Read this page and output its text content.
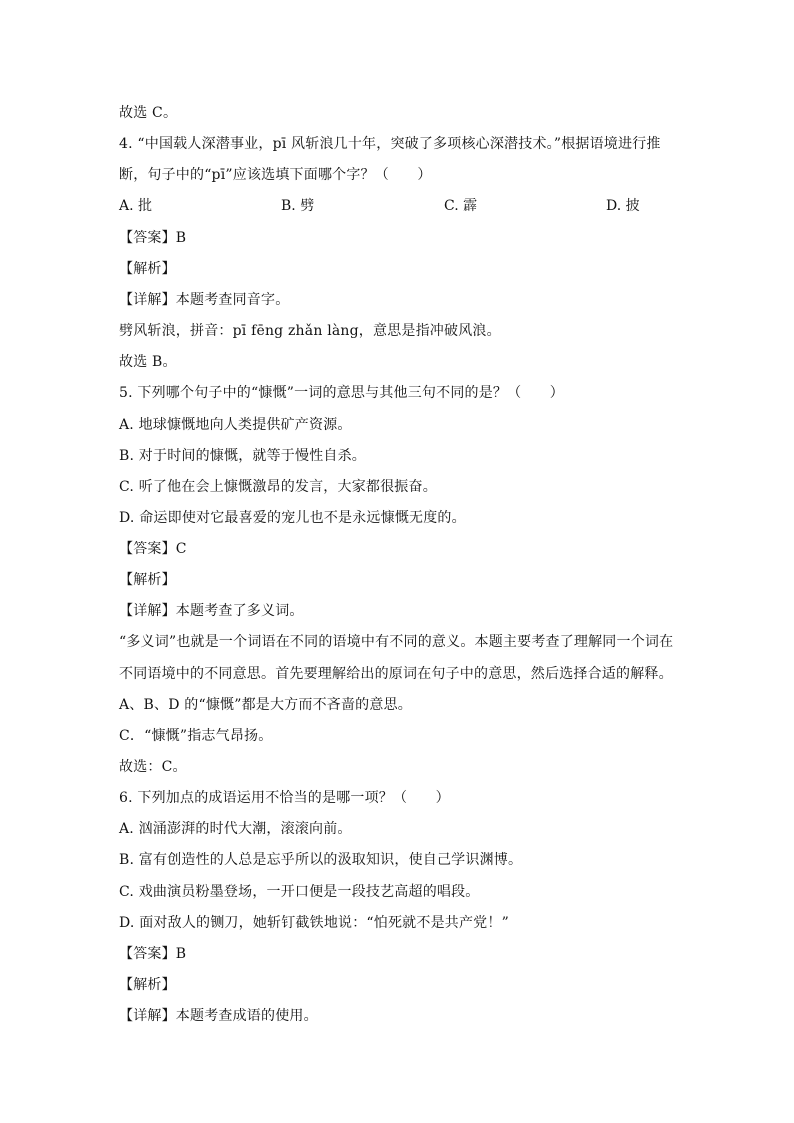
故选 C。
4. “中国载人深潜事业，pī 风斩浪几十年，突破了多项核心深潜技术。”根据语境进行推
断，句子中的“pī”应该选填下面哪个字？（　　）
A. 批	B. 劈	C. 霹	D. 披
【答案】B
【解析】
【详解】本题考查同音字。
劈风斩浪，拼音：pī fēng zhǎn làng，意思是指冲破风浪。
故选 B。
5. 下列哪个句子中的“慷慨”一词的意思与其他三句不同的是？（　　）
A. 地球慷慨地向人类提供矿产资源。
B. 对于时间的慷慨，就等于慢性自杀。
C. 听了他在会上慷慨激昂的发言，大家都很振奋。
D. 命运即使对它最喜爱的宠儿也不是永远慷慨无度的。
【答案】C
【解析】
【详解】本题考查了多义词。
“多义词”也就是一个词语在不同的语境中有不同的意义。本题主要考查了理解同一个词在
不同语境中的不同意思。首先要理解给出的原词在句子中的意思，然后选择合适的解释。
A、B、D 的“慷慨”都是大方而不吝啬的意思。
C．“慷慨”指志气昂扬。
故选：C。
6. 下列加点的成语运用不恰当的是哪一项？（　　）
A. 汹涌澎湃的时代大潮，滚滚向前。
B. 富有创造性的人总是忘乎所以的汲取知识，使自己学识渊博。
C. 戏曲演员粉墨登场，一开口便是一段技艺高超的唱段。
D. 面对敌人的铡刀，她斩钉截铁地说：“怕死就不是共产党！”
【答案】B
【解析】
【详解】本题考查成语的使用。
